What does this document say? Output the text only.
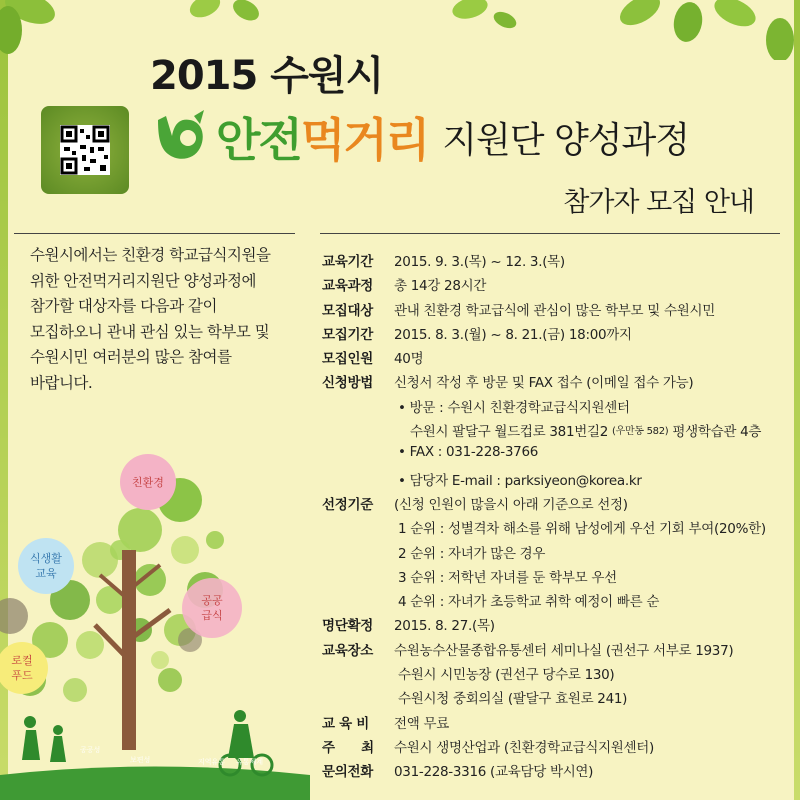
2015 수원시
안전 먹거리 지원단 양성과정
참가자 모집 안내
수원시에서는 친환경 학교급식지원을
위한 안전먹거리지원단 양성과정에
참가할 대상자를 다음과 같이
모집하오니 관내 관심 있는 학부모 및
수원시민 여러분의 많은 참여를
바랍니다.
교육기간	2015. 9. 3.(목) ~ 12. 3.(목)
교육과정	총 14강 28시간
모집대상	관내 친환경 학교급식에 관심이 많은 학부모 및 수원시민
모집기간	2015. 8. 3.(월) ~ 8. 21.(금) 18:00까지
모집인원	40명
신청방법	신청서 작성 후 방문 및 FAX 접수 (이메일 접수 가능)
• 방문 : 수원시 친환경학교급식지원센터
수원시 팔달구 월드컵로 381번길2 (우만동 582) 평생학습관 4층
• FAX : 031-228-3766
• 담당자 E-mail : parksiyeon@korea.kr
선정기준	(신청 인원이 많을시 아래 기준으로 선정)
1 순위 : 성별격차 해소를 위해 남성에게 우선 기회 부여(20%한)
2 순위 : 자녀가 많은 경우
3 순위 : 저학년 자녀를 둔 학부모 우선
4 순위 : 자녀가 초등학교 취학 예정이 빠른 순
명단확정	2015. 8. 27.(목)
교육장소	수원농수산물종합유통센터 세미나실 (권선구 서부로 1937)
수원시 시민농장 (권선구 당수로 130)
수원시청 중회의실 (팔달구 효원로 241)
교 육 비	전액 무료
주　　최	수원시 생명산업과 (친환경학교급식지원센터)
문의전화	031-228-3316 (교육담당 박시연)
친환경
식생활
교육
공공
급식
로컬
푸드
공공성
보편성	지역유통 유통체계
